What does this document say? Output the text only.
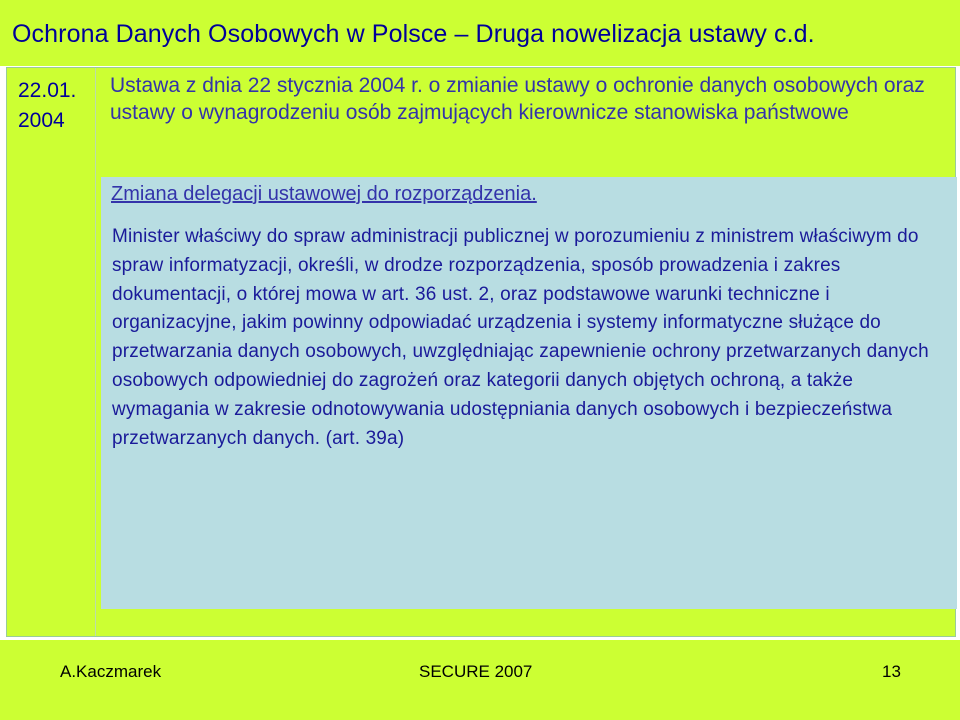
Ochrona Danych Osobowych w Polsce – Druga nowelizacja ustawy c.d.
22.01.
2004
Ustawa z dnia 22 stycznia 2004 r. o zmianie ustawy o ochronie danych osobowych oraz ustawy o wynagrodzeniu osób zajmujących kierownicze stanowiska państwowe
Zmiana delegacji ustawowej do rozporządzenia.
Minister właściwy do spraw administracji publicznej w porozumieniu z ministrem właściwym do spraw informatyzacji, określi, w drodze rozporządzenia, sposób prowadzenia i zakres dokumentacji, o której mowa w art. 36 ust. 2, oraz podstawowe warunki techniczne i organizacyjne, jakim powinny odpowiadać urządzenia i systemy informatyczne służące do przetwarzania danych osobowych, uwzględniając zapewnienie ochrony przetwarzanych danych osobowych odpowiedniej do zagrożeń oraz kategorii danych objętych ochroną, a także wymagania w zakresie odnotowywania udostępniania danych osobowych i bezpieczeństwa przetwarzanych danych. (art. 39a)
A.Kaczmarek	SECURE 2007	13
